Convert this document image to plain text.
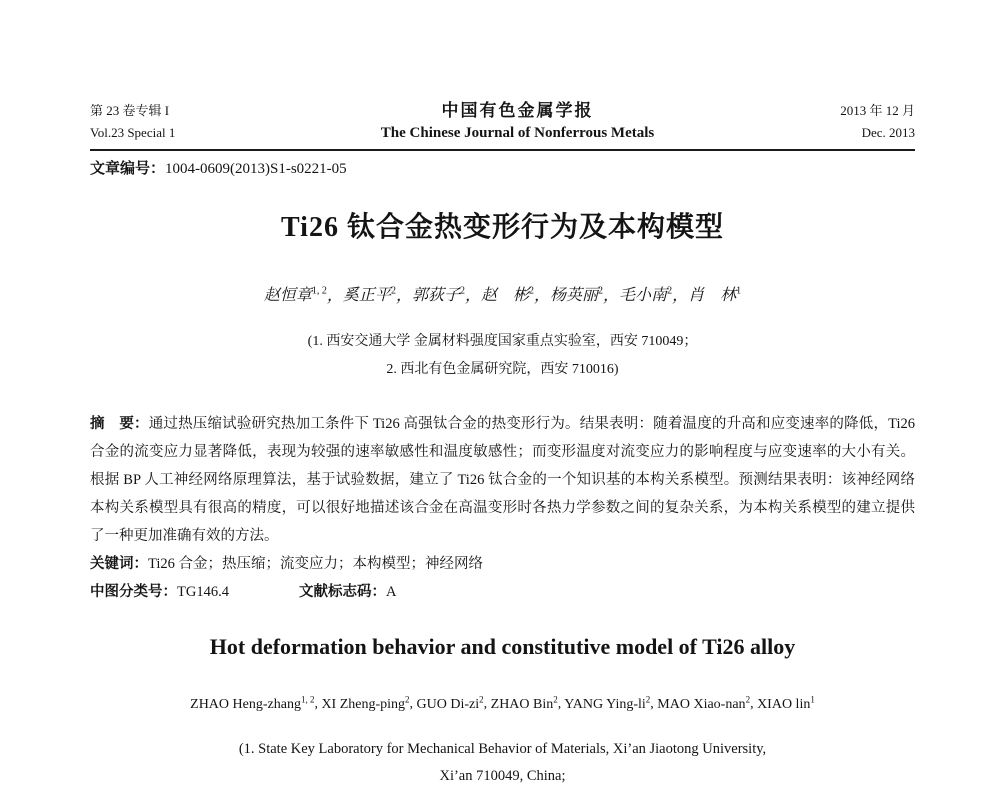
第 23 卷专辑 I
Vol.23 Special 1
中国有色金属学报
The Chinese Journal of Nonferrous Metals
2013 年 12 月
Dec. 2013
文章编号：1004-0609(2013)S1-s0221-05
Ti26 钛合金热变形行为及本构模型
赵恒章$^{1, 2}$，奚正平$^2$，郭荻子$^2$，赵　彬$^2$，杨英丽$^2$，毛小南$^2$，肖　林$^1$
(1. 西安交通大学 金属材料强度国家重点实验室，西安 710049；
2. 西北有色金属研究院，西安 710016)
摘　要：通过热压缩试验研究热加工条件下 Ti26 高强钛合金的热变形行为。结果表明：随着温度的升高和应变速率的降低，Ti26 合金的流变应力显著降低，表现为较强的速率敏感性和温度敏感性；而变形温度对流变应力的影响程度与应变速率的大小有关。根据 BP 人工神经网络原理算法，基于试验数据，建立了 Ti26 钛合金的一个知识基的本构关系模型。预测结果表明：该神经网络本构关系模型具有很高的精度，可以很好地描述该合金在高温变形时各热力学参数之间的复杂关系，为本构关系模型的建立提供了一种更加准确有效的方法。
关键词：Ti26 合金；热压缩；流变应力；本构模型；神经网络
中图分类号：TG146.4	文献标志码：A
Hot deformation behavior and constitutive model of Ti26 alloy
ZHAO Heng-zhang$^{1, 2}$, XI Zheng-ping$^2$, GUO $Di-zi^2$, ZHAO Bin$^2$, YANG Ying-$li^2$, MAO Xiao-nan$^2$, XIAO lin$^1$
(1. State Key Laboratory for Mechanical Behavior of Materials, Xi’an Jiaotong University,
Xi’an 710049, China;
